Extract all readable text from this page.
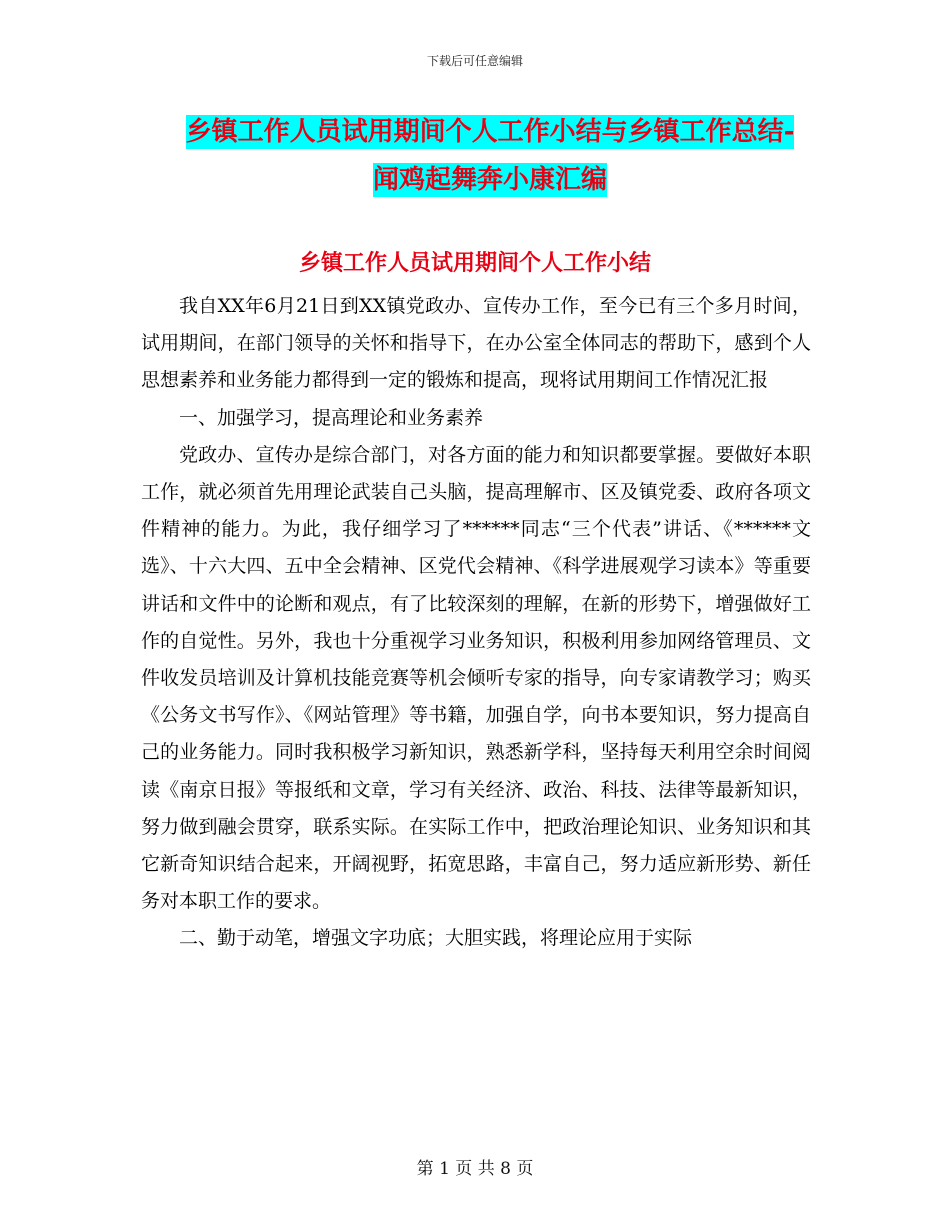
下载后可任意编辑
乡镇工作人员试用期间个人工作小结与乡镇工作总结-
闻鸡起舞奔小康汇编
乡镇工作人员试用期间个人工作小结

我自XX年6月21日到XX镇党政办、宣传办工作，至今已有三个多月时间，试用期间，在部门领导的关怀和指导下，在办公室全体同志的帮助下，感到个人思想素养和业务能力都得到一定的锻炼和提高，现将试用期间工作情况汇报

一、加强学习，提高理论和业务素养

党政办、宣传办是综合部门，对各方面的能力和知识都要掌握。要做好本职工作，就必须首先用理论武装自己头脑，提高理解市、区及镇党委、政府各项文件精神的能力。为此，我仔细学习了******同志“三个代表”讲话、《******文选》、十六大四、五中全会精神、区党代会精神、《科学进展观学习读本》等重要讲话和文件中的论断和观点，有了比较深刻的理解，在新的形势下，增强做好工作的自觉性。另外，我也十分重视学习业务知识，积极利用参加网络管理员、文件收发员培训及计算机技能竞赛等机会倾听专家的指导，向专家请教学习；购买《公务文书写作》、《网站管理》等书籍，加强自学，向书本要知识，努力提高自己的业务能力。同时我积极学习新知识，熟悉新学科，坚持每天利用空余时间阅读《南京日报》等报纸和文章，学习有关经济、政治、科技、法律等最新知识，努力做到融会贯穿，联系实际。在实际工作中，把政治理论知识、业务知识和其它新奇知识结合起来，开阔视野，拓宽思路，丰富自己，努力适应新形势、新任务对本职工作的要求。

二、勤于动笔，增强文字功底；大胆实践，将理论应用于实际

第 1 页 共 8 页
